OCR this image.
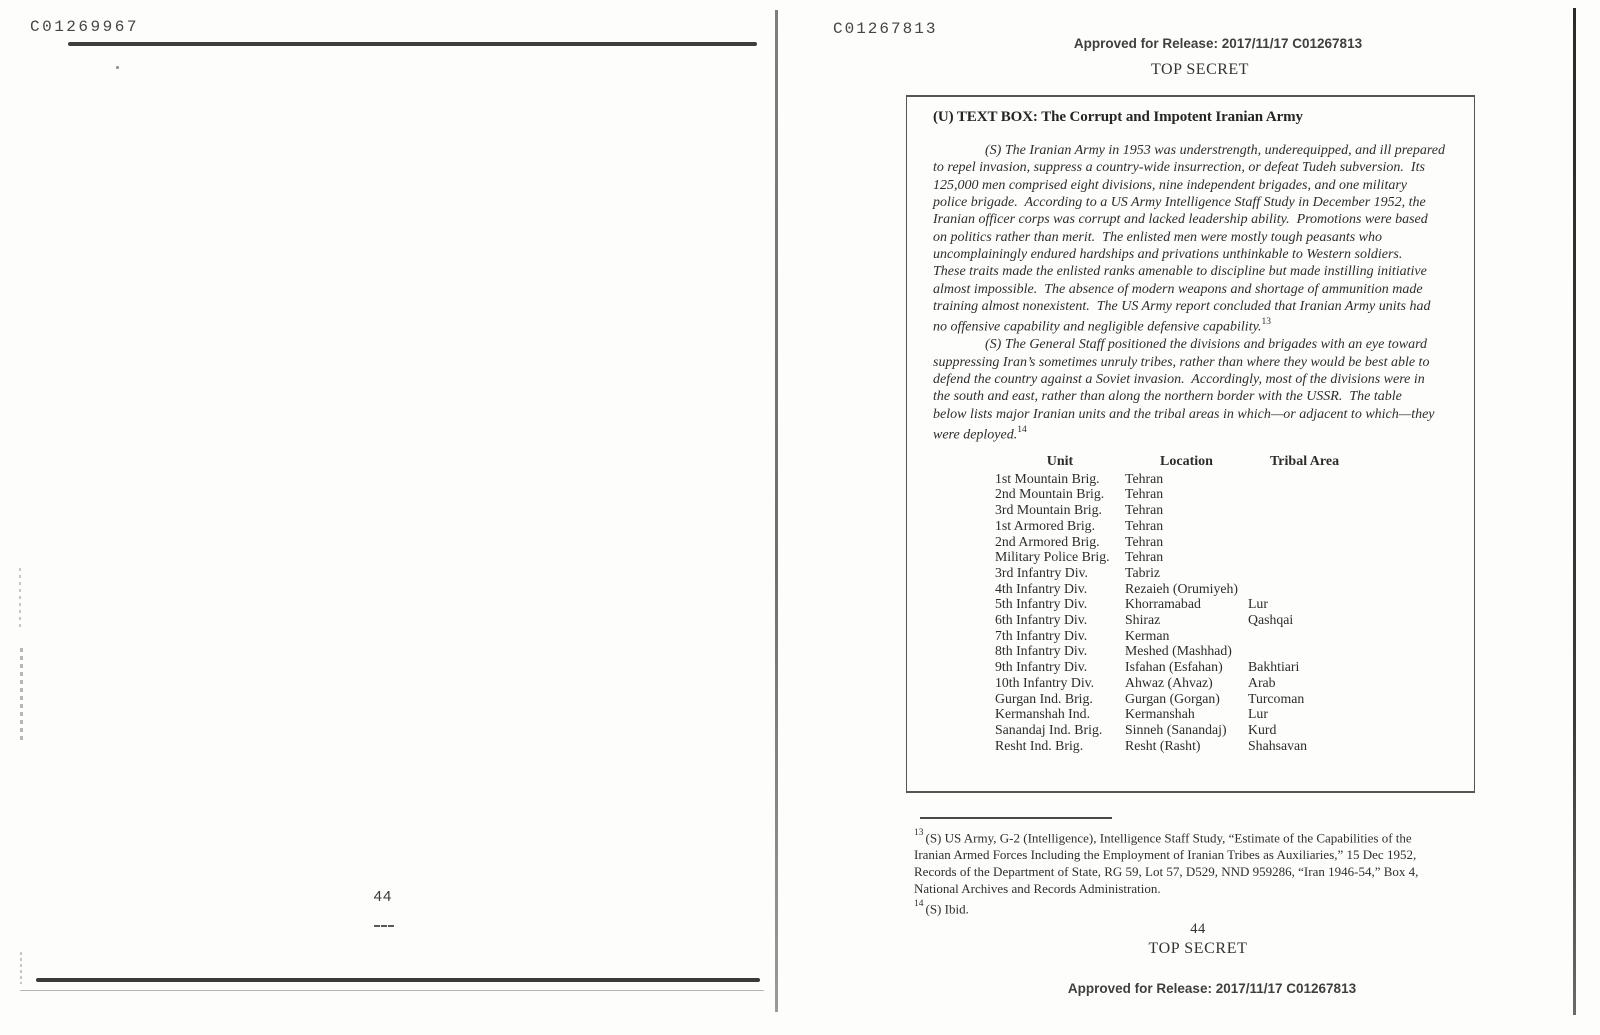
C01269967
44
C01267813
Approved for Release: 2017/11/17 C01267813
TOP SECRET
(U) TEXT BOX: The Corrupt and Impotent Iranian Army
(S) The Iranian Army in 1953 was understrength, underequipped, and ill prepared
to repel invasion, suppress a country-wide insurrection, or defeat Tudeh subversion.  Its
125,000 men comprised eight divisions, nine independent brigades, and one military
police brigade.  According to a US Army Intelligence Staff Study in December 1952, the
Iranian officer corps was corrupt and lacked leadership ability.  Promotions were based
on politics rather than merit.  The enlisted men were mostly tough peasants who
uncomplainingly endured hardships and privations unthinkable to Western soldiers.
These traits made the enlisted ranks amenable to discipline but made instilling initiative
almost impossible.  The absence of modern weapons and shortage of ammunition made
training almost nonexistent.  The US Army report concluded that Iranian Army units had
no offensive capability and negligible defensive capability.$^{13}$
(S) The General Staff positioned the divisions and brigades with an eye toward
suppressing Iran’s sometimes unruly tribes, rather than where they would be best able to
defend the country against a Soviet invasion.  Accordingly, most of the divisions were in
the south and east, rather than along the northern border with the USSR.  The table
below lists major Iranian units and the tribal areas in which—or adjacent to which—they
were deployed.$^{14}$
Unit	Location	Tribal Area
1st Mountain Brig.	Tehran
2nd Mountain Brig.	Tehran
3rd Mountain Brig.	Tehran
1st Armored Brig.	Tehran
2nd Armored Brig.	Tehran
Military Police Brig.	Tehran
3rd Infantry Div.	Tabriz
4th Infantry Div.	Rezaieh (Orumiyeh)
5th Infantry Div.	Khorramabad	Lur
6th Infantry Div.	Shiraz	Qashqai
7th Infantry Div.	Kerman
8th Infantry Div.	Meshed (Mashhad)
9th Infantry Div.	Isfahan (Esfahan)	Bakhtiari
10th Infantry Div.	Ahwaz (Ahvaz)	Arab
Gurgan Ind. Brig.	Gurgan (Gorgan)	Turcoman
Kermanshah Ind.	Kermanshah	Lur
Sanandaj Ind. Brig.	Sinneh (Sanandaj)	Kurd
Resht Ind. Brig.	Resht (Rasht)	Shahsavan
$^{13}$ (S) US Army, G-2 (Intelligence), Intelligence Staff Study, “Estimate of the Capabilities of the
Iranian Armed Forces Including the Employment of Iranian Tribes as Auxiliaries,” 15 Dec 1952,
Records of the Department of State, RG 59, Lot 57, D529, NND 959286, “Iran 1946-54,” Box 4,
National Archives and Records Administration.
$^{14}$ (S) Ibid.
44
TOP SECRET
Approved for Release: 2017/11/17 C01267813
